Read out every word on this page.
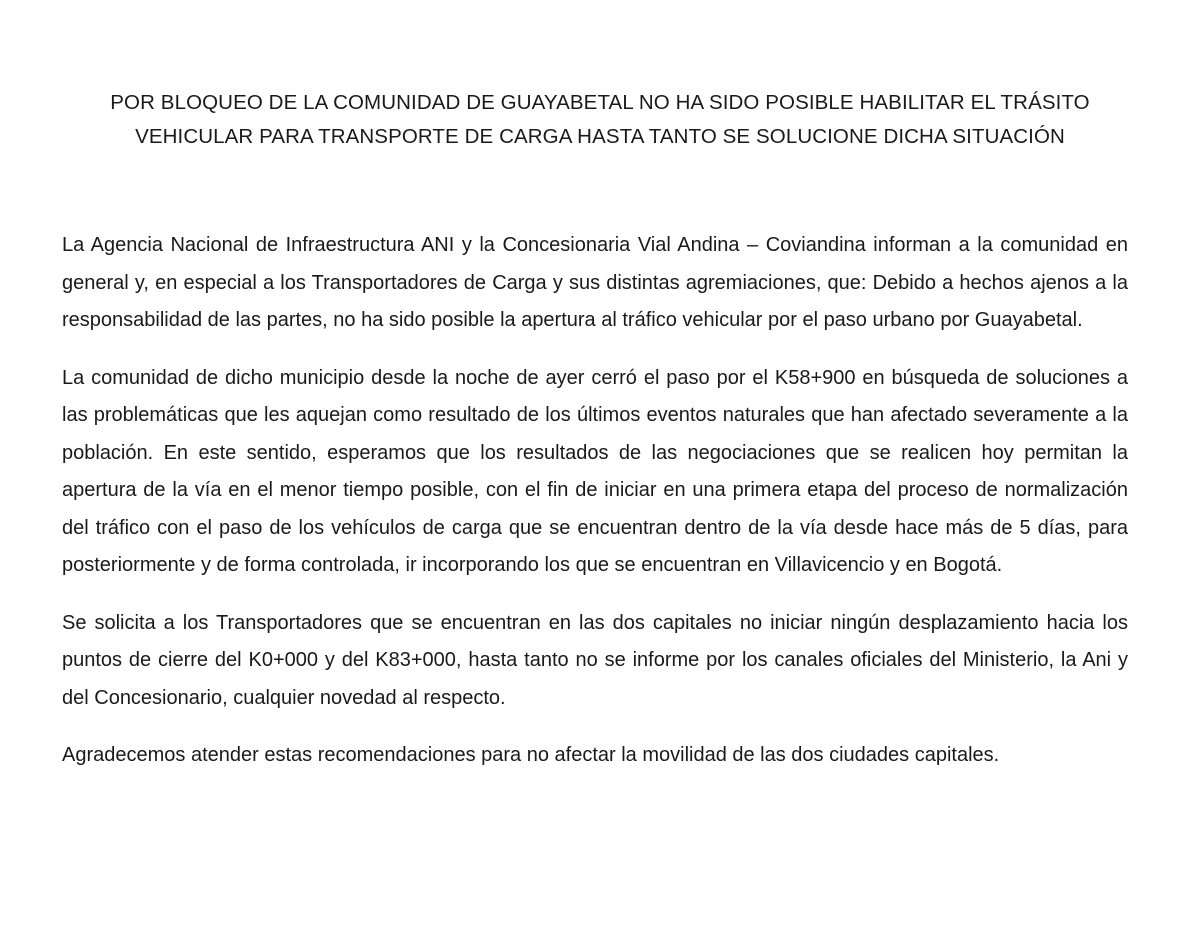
POR BLOQUEO DE LA COMUNIDAD DE GUAYABETAL NO HA SIDO POSIBLE HABILITAR EL TRÁSITO
VEHICULAR PARA TRANSPORTE DE CARGA HASTA TANTO SE SOLUCIONE DICHA SITUACIÓN

La Agencia Nacional de Infraestructura ANI y la Concesionaria Vial Andina – Coviandina informan a la comunidad en general y, en especial a los Transportadores de Carga y sus distintas agremiaciones, que: Debido a hechos ajenos a la responsabilidad de las partes, no ha sido posible la apertura al tráfico vehicular por el paso urbano por Guayabetal.

La comunidad de dicho municipio desde la noche de ayer cerró el paso por el K58+900 en búsqueda de soluciones a las problemáticas que les aquejan como resultado de los últimos eventos naturales que han afectado severamente a la población. En este sentido, esperamos que los resultados de las negociaciones que se realicen hoy permitan la apertura de la vía en el menor tiempo posible, con el fin de iniciar en una primera etapa del proceso de normalización del tráfico con el paso de los vehículos de carga que se encuentran dentro de la vía desde hace más de 5 días, para posteriormente y de forma controlada, ir incorporando los que se encuentran en Villavicencio y en Bogotá.

Se solicita a los Transportadores que se encuentran en las dos capitales no iniciar ningún desplazamiento hacia los puntos de cierre del K0+000 y del K83+000, hasta tanto no se informe por los canales oficiales del Ministerio, la Ani y del Concesionario, cualquier novedad al respecto.

Agradecemos atender estas recomendaciones para no afectar la movilidad de las dos ciudades capitales.
